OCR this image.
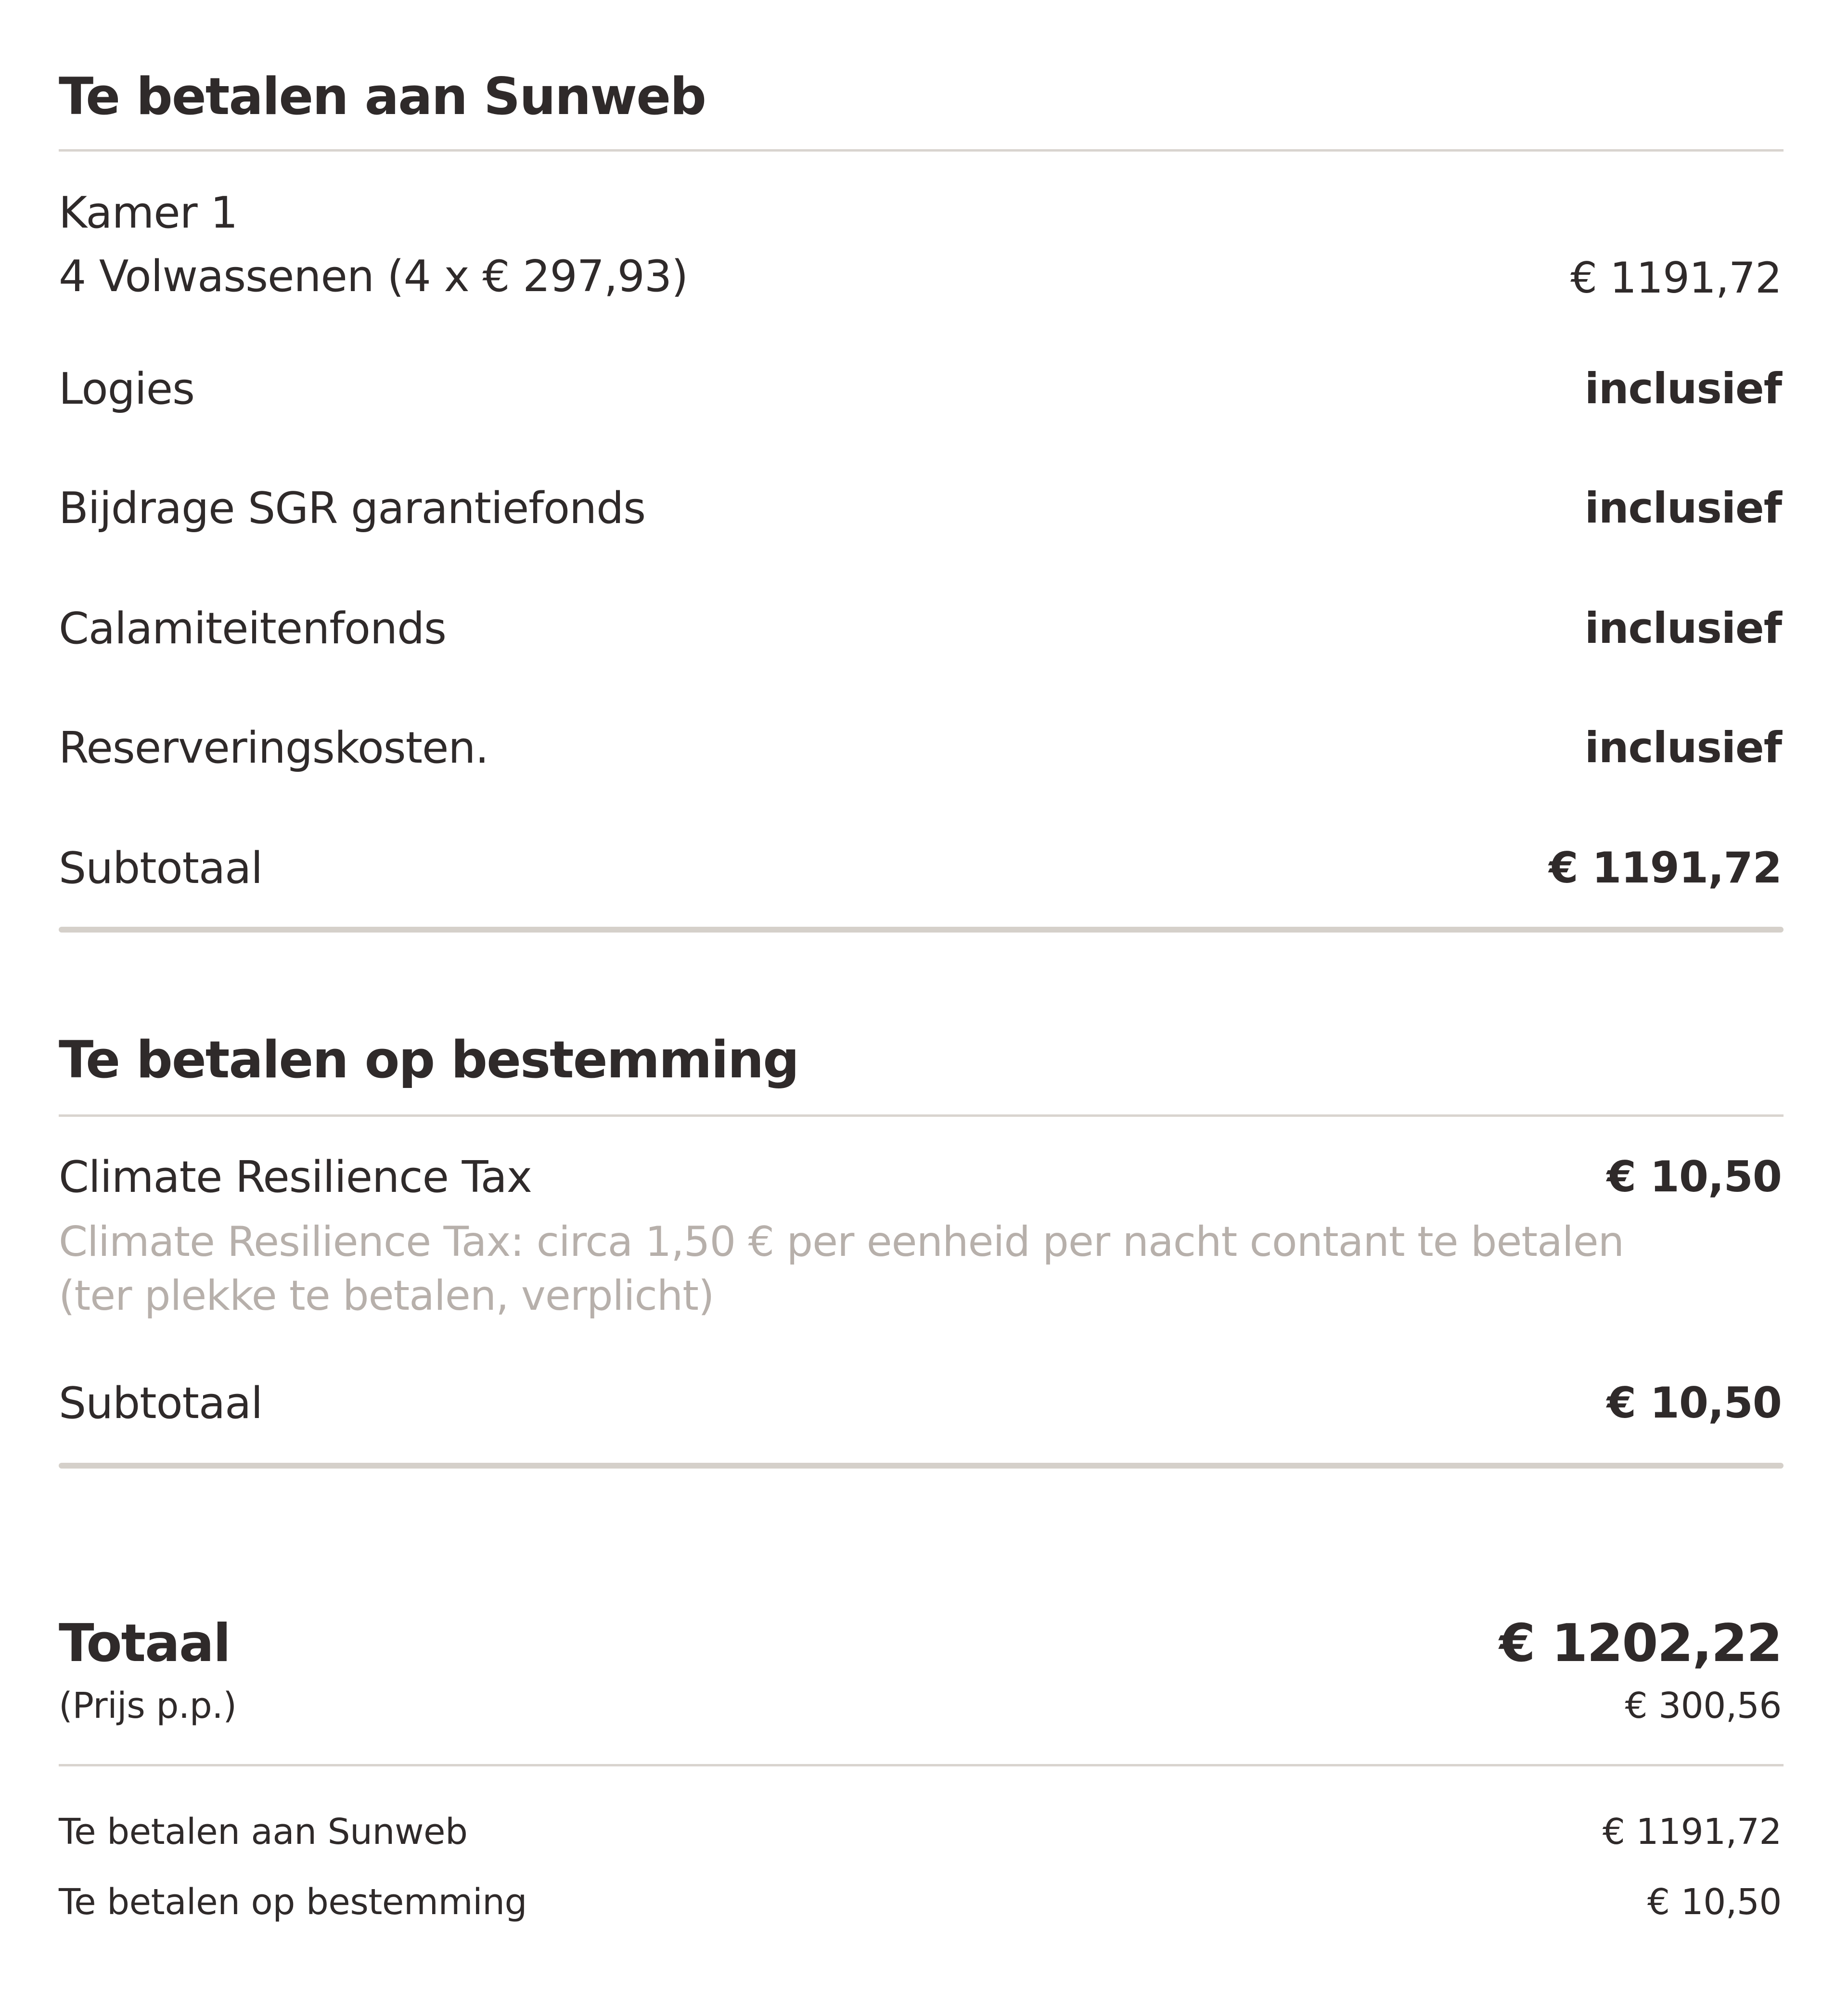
Te betalen aan Sunweb
Kamer 1
4 Volwassenen (4 x € 297,93)	€ 1191,72
Logies	inclusief
Bijdrage SGR garantiefonds	inclusief
Calamiteitenfonds	inclusief
Reserveringskosten.	inclusief
Subtotaal	€ 1191,72
Te betalen op bestemming
Climate Resilience Tax	€ 10,50
Climate Resilience Tax: circa 1,50 € per eenheid per nacht contant te betalen
(ter plekke te betalen, verplicht)
Subtotaal	€ 10,50
Totaal	€ 1202,22
(Prijs p.p.)	€ 300,56
Te betalen aan Sunweb	€ 1191,72
Te betalen op bestemming	€ 10,50
